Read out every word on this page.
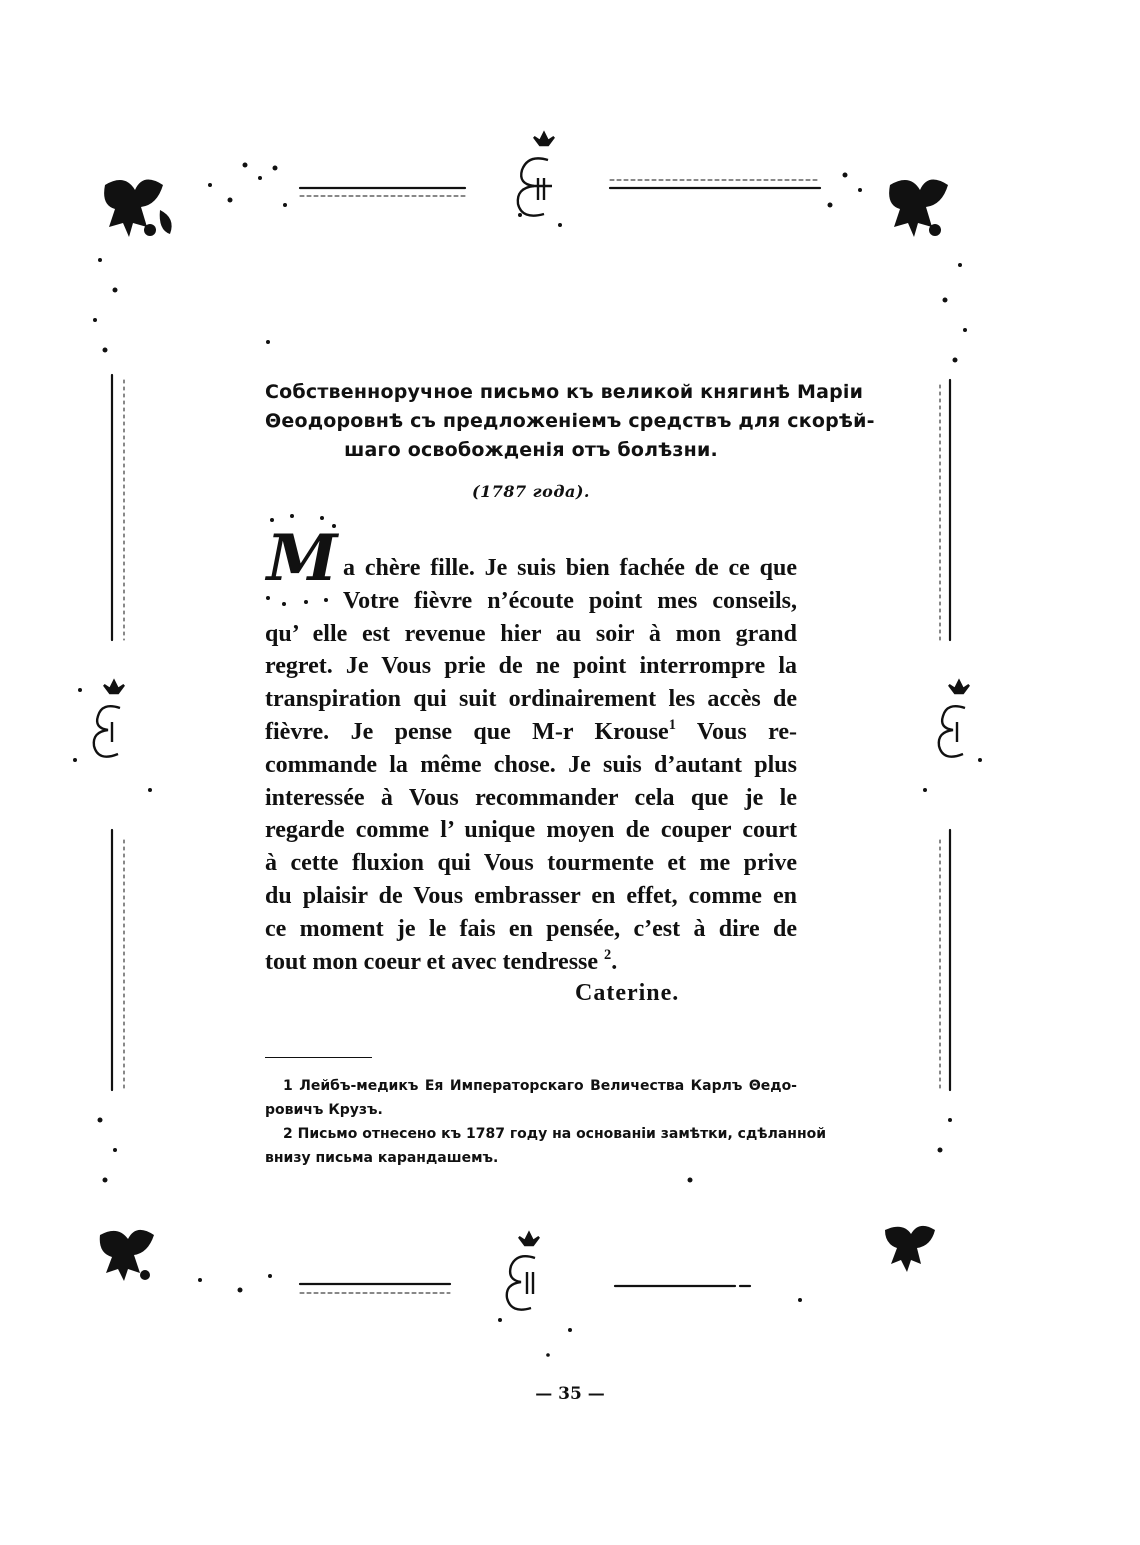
Собственноручное письмо къ великой княгинѣ Маріи
Θеодоровнѣ съ предложеніемъ средствъ для скорѣй-
шаго освобожденія отъ болѣзни.
(1787 года).
M a chère fille. Je suis bien fachée de ce que
Votre fièvre n’écoute point mes conseils,
qu’ elle est revenue hier au soir à mon grand
regret. Je Vous prie de ne point interrompre la
transpiration qui suit ordinairement les accès de
fièvre. Je pense que M-r Krouse$^1$ Vous re-
commande la même chose. Je suis d’autant plus
interessée à Vous recommander cela que je le
regarde comme l’ unique moyen de couper court
à cette fluxion qui Vous tourmente et me prive
du plaisir de Vous embrasser en effet, comme en
ce moment je le fais en pensée, c’est à dire de
tout mon coeur et avec tendresse $^2$.
Caterine.
1 Лейбъ-медикъ Ея Императорскаго Величества Карлъ Θедо-
ровичъ Крузъ.
2 Письмо отнесено къ 1787 году на основаніи замѣтки, сдѣланной
внизу письма карандашемъ.
— 35 —
